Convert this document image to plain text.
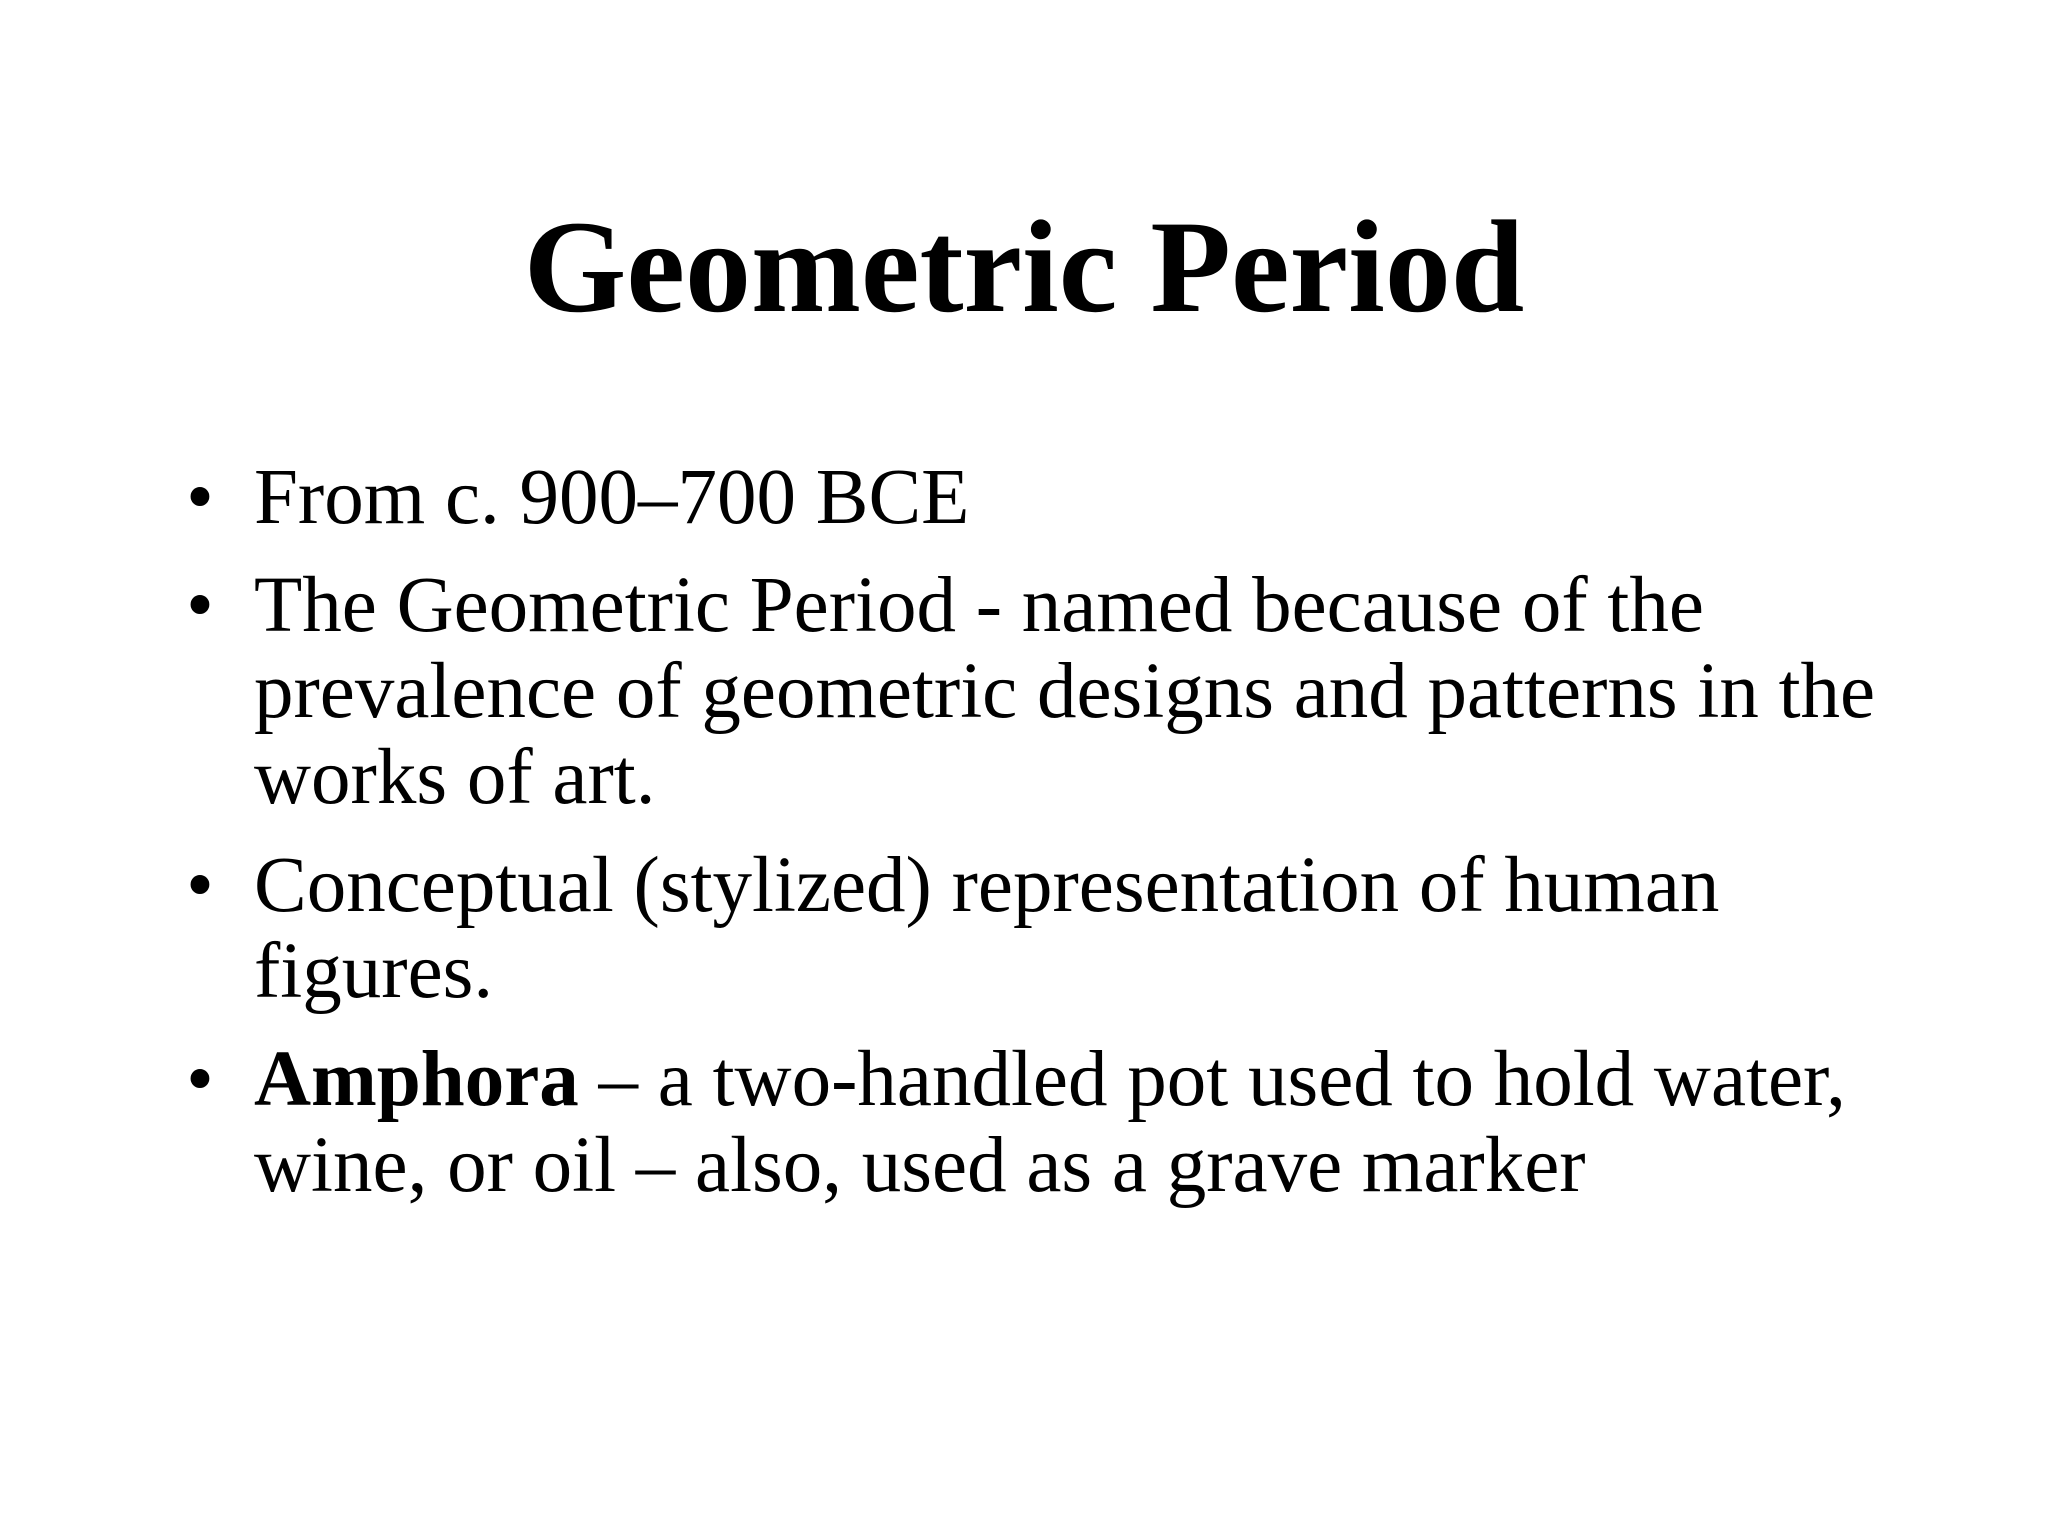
Geometric Period
• From c. 900–700 BCE
• The Geometric Period - named because of the prevalence of geometric designs and patterns in the works of art.
• Conceptual (stylized) representation of human figures.
• Amphora – a two-handled pot used to hold water, wine, or oil – also, used as a grave marker
